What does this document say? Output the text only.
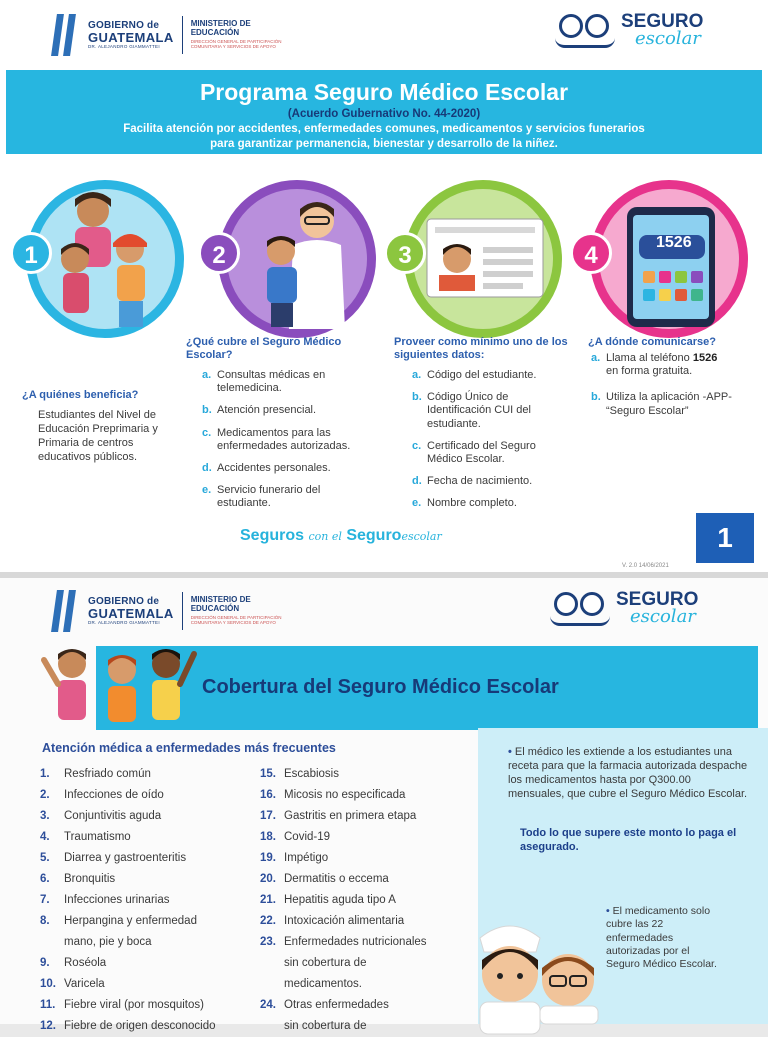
GOBIERNO de
GUATEMALA
DR. ALEJANDRO GIAMMATTEI
MINISTERIO DE EDUCACIÓN
DIRECCIÓN GENERAL DE PARTICIPACIÓN COMUNITARIA Y SERVICIOS DE APOYO
SEGURO
escolar
Programa Seguro Médico Escolar
(Acuerdo Gubernativo No. 44-2020)
Facilita atención por accidentes, enfermedades comunes, medicamentos y servicios funerarios
para garantizar permanencia, bienestar y desarrollo de la niñez.
1	2	3	1526
4
¿A quiénes beneficia?
Estudiantes del Nivel de Educación Preprimaria y Primaria de centros educativos públicos.
¿Qué cubre el Seguro Médico Escolar?
a. Consultas médicas en telemedicina.
b. Atención presencial.
c. Medicamentos para las enfermedades autorizadas.
d. Accidentes personales.
e. Servicio funerario del estudiante.
Proveer como mínimo uno de los siguientes datos:
a. Código del estudiante.
b. Código Único de Identificación CUI del estudiante.
c. Certificado del Seguro Médico Escolar.
d. Fecha de nacimiento.
e. Nombre completo.
¿A dónde comunicarse?
a. Llama al teléfono 1526 en forma gratuita.
b. Utiliza la aplicación -APP- “Seguro Escolar”
Seguros con el Seguroescolar	1
V. 2.0 14/06/2021
GOBIERNO de
GUATEMALA
DR. ALEJANDRO GIAMMATTEI
MINISTERIO DE EDUCACIÓN
DIRECCIÓN GENERAL DE PARTICIPACIÓN COMUNITARIA Y SERVICIOS DE APOYO
SEGURO
escolar
Cobertura del Seguro Médico Escolar
Atención médica a enfermedades más frecuentes
1.	Resfriado común
2.	Infecciones de oído
3.	Conjuntivitis aguda
4.	Traumatismo
5.	Diarrea y gastroenteritis
6.	Bronquitis
7.	Infecciones urinarias
8.	Herpangina y enfermedad
mano, pie y boca
9.	Roséola
10. Varicela
11. Fiebre viral (por mosquitos)
12. Fiebre de origen desconocido
15. Escabiosis
16. Micosis no especificada
17. Gastritis en primera etapa
18. Covid-19
19. Impétigo
20. Dermatitis o eccema
21. Hepatitis aguda tipo A
22. Intoxicación alimentaria
23. Enfermedades nutricionales
sin cobertura de
medicamentos.
24. Otras enfermedades
sin cobertura de
• El médico les extiende a los estudiantes una receta para que la farmacia autorizada despache los medicamentos hasta por Q300.00 mensuales, que cubre el Seguro Médico Escolar.
Todo lo que supere este monto lo paga el asegurado.
• El medicamento solo cubre las 22 enfermedades autorizadas por el Seguro Médico Escolar.
